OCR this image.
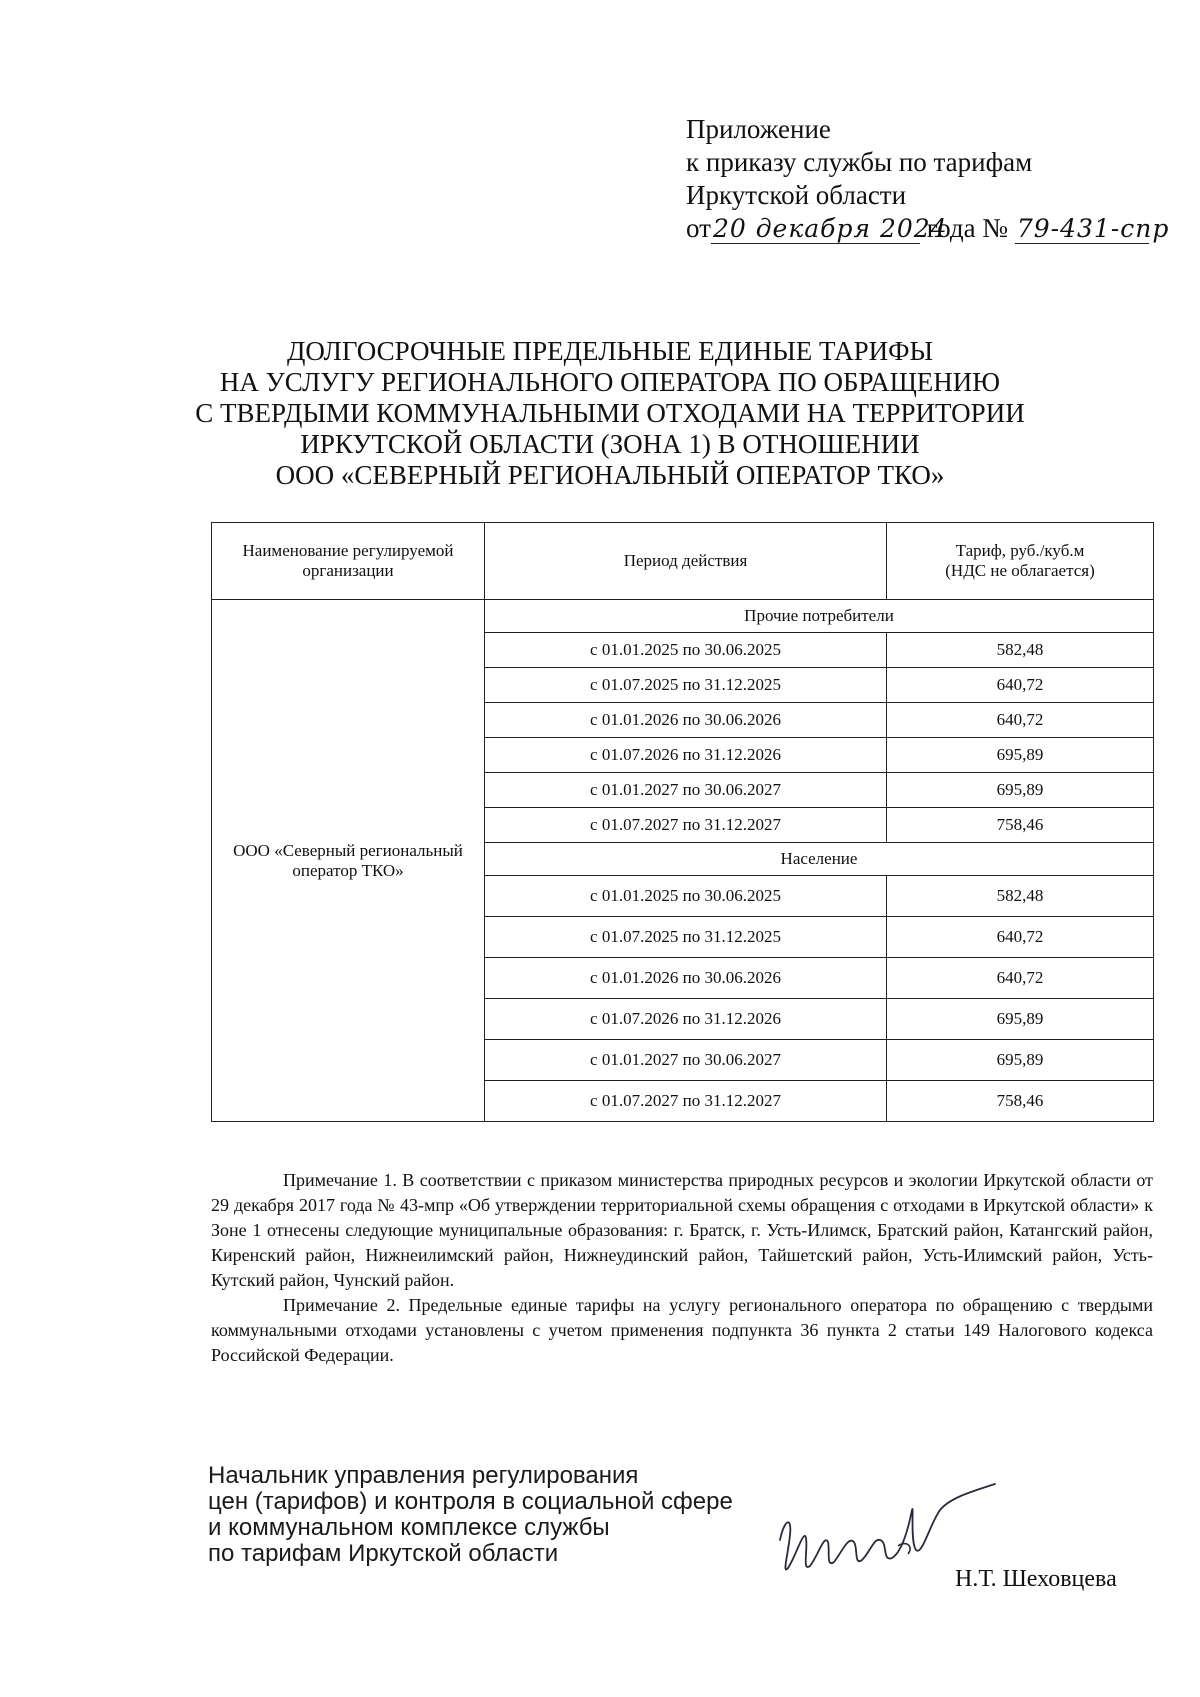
Приложение
к приказу службы по тарифам
Иркутской области
от20 декабря 2024 года № 79-431-спр
ДОЛГОСРОЧНЫЕ ПРЕДЕЛЬНЫЕ ЕДИНЫЕ ТАРИФЫ
НА УСЛУГУ РЕГИОНАЛЬНОГО ОПЕРАТОРА ПО ОБРАЩЕНИЮ
С ТВЕРДЫМИ КОММУНАЛЬНЫМИ ОТХОДАМИ НА ТЕРРИТОРИИ
ИРКУТСКОЙ ОБЛАСТИ (ЗОНА 1) В ОТНОШЕНИИ
ООО «СЕВЕРНЫЙ РЕГИОНАЛЬНЫЙ ОПЕРАТОР ТКО»
Наименование регулируемой организации	Период действия	Тариф, руб./куб.м
(НДС не облагается)

ООО «Северный региональный оператор ТКО»	Прочие потребители	
	с 01.01.2025 по 30.06.2025	582,48
	с 01.07.2025 по 31.12.2025	640,72
	с 01.01.2026 по 30.06.2026	640,72
	с 01.07.2026 по 31.12.2026	695,89
	с 01.01.2027 по 30.06.2027	695,89
	с 01.07.2027 по 31.12.2027	758,46
	Население	
	с 01.01.2025 по 30.06.2025	582,48
	с 01.07.2025 по 31.12.2025	640,72
	с 01.01.2026 по 30.06.2026	640,72
	с 01.07.2026 по 31.12.2026	695,89
	с 01.01.2027 по 30.06.2027	695,89
	с 01.07.2027 по 31.12.2027	758,46

Примечание 1. В соответствии с приказом министерства природных ресурсов и экологии Иркутской области от 29 декабря 2017 года № 43-мпр «Об утверждении территориальной схемы обращения с отходами в Иркутской области» к Зоне 1 отнесены следующие муниципальные образования: г. Братск, г. Усть-Илимск, Братский район, Катангский район, Киренский район, Нижнеилимский район, Нижнеудинский район, Тайшетский район, Усть-Илимский район, Усть-Кутский район, Чунский район.

Примечание 2. Предельные единые тарифы на услугу регионального оператора по обращению с твердыми коммунальными отходами установлены с учетом применения подпункта 36 пункта 2 статьи 149 Налогового кодекса Российской Федерации.

Начальник управления регулирования
цен (тарифов) и контроля в социальной сфере
и коммунальном комплексе службы
по тарифам Иркутской области
Н.Т. Шеховцева
